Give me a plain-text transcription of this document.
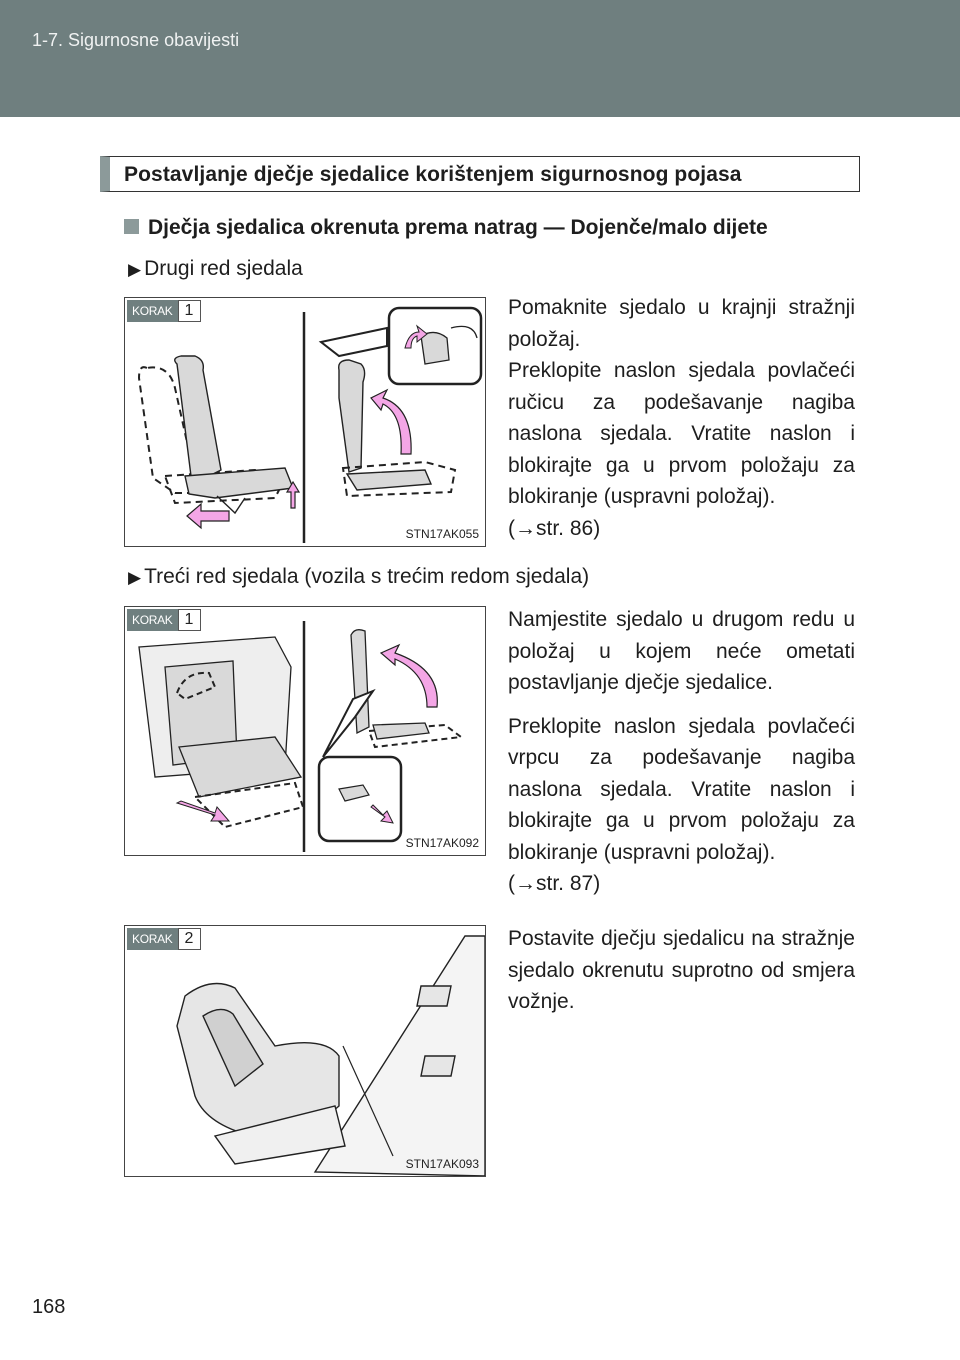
1-7. Sigurnosne obavijesti
Postavljanje dječje sjedalice korištenjem sigurnosnog pojasa
Dječja sjedalica okrenuta prema natrag — Dojenče/malo dijete
▶ Drugi red sjedala
KORAK 1
STN17AK055

Pomaknite sjedalo u krajnji stražnji položaj.

Preklopite naslon sjedala povlačeći ručicu za podešavanje nagiba naslona sjedala. Vratite naslon i blokirajte ga u prvom položaju za blokiranje (uspravni položaj).

(→str. 86)

▶ Treći red sjedala (vozila s trećim redom sjedala)
KORAK 1
STN17AK092

Namjestite sjedalo u drugom redu u položaj u kojem neće ometati postavljanje dječje sjedalice.

Preklopite naslon sjedala povlačeći vrpcu za podešavanje nagiba naslona sjedala. Vratite naslon i blokirajte ga u prvom položaju za blokiranje (uspravni položaj).

(→str. 87)

KORAK 2
STN17AK093

Postavite dječju sjedalicu na stražnje sjedalo okrenutu suprotno od smjera vožnje.

168
